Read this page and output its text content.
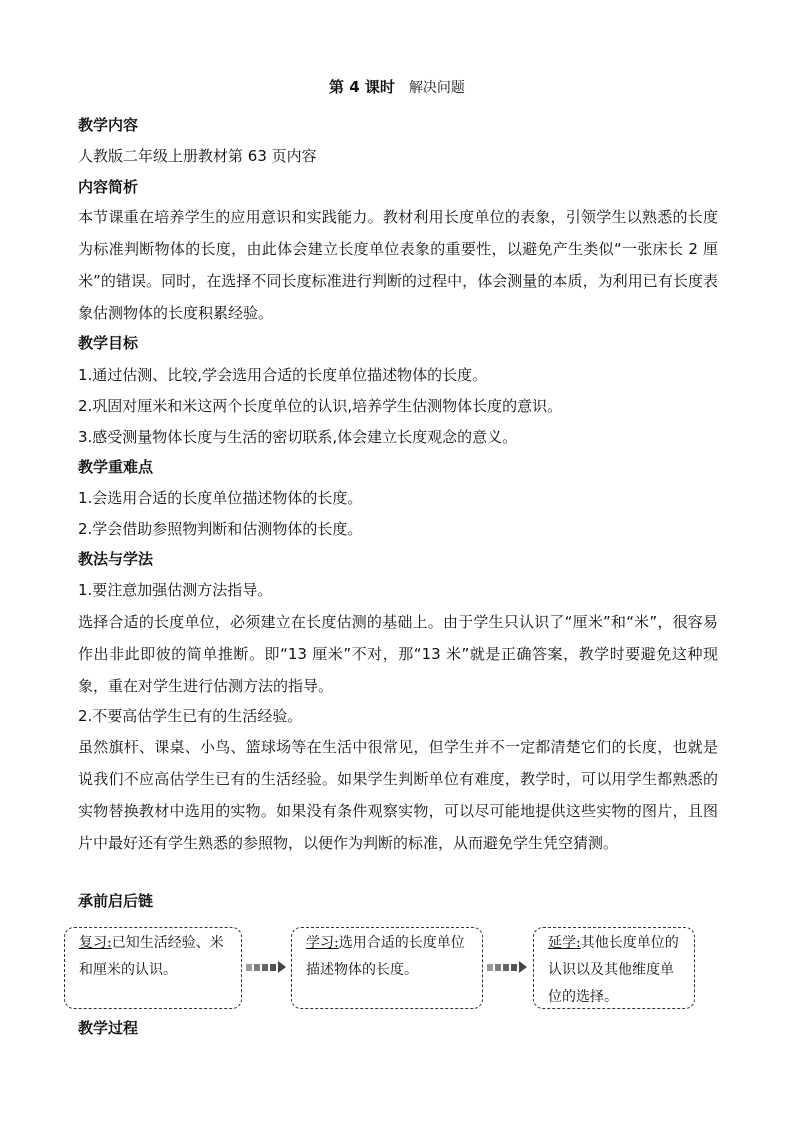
第 4 课时 解决问题
教学内容
人教版二年级上册教材第 63 页内容
内容简析
本节课重在培养学生的应用意识和实践能力。教材利用长度单位的表象，引领学生以熟悉的长度为标准判断物体的长度，由此体会建立长度单位表象的重要性，以避免产生类似“一张床长 2 厘米”的错误。同时，在选择不同长度标准进行判断的过程中，体会测量的本质，为利用已有长度表象估测物体的长度积累经验。
教学目标
1.通过估测、比较,学会选用合适的长度单位描述物体的长度。
2.巩固对厘米和米这两个长度单位的认识,培养学生估测物体长度的意识。
3.感受测量物体长度与生活的密切联系,体会建立长度观念的意义。
教学重难点
1.会选用合适的长度单位描述物体的长度。
2.学会借助参照物判断和估测物体的长度。
教法与学法
1.要注意加强估测方法指导。
选择合适的长度单位，必须建立在长度估测的基础上。由于学生只认识了“厘米”和“米”，很容易作出非此即彼的简单推断。即“13 厘米”不对，那“13 米”就是正确答案，教学时要避免这种现象，重在对学生进行估测方法的指导。
2.不要高估学生已有的生活经验。
虽然旗杆、课桌、小鸟、篮球场等在生活中很常见，但学生并不一定都清楚它们的长度，也就是说我们不应高估学生已有的生活经验。如果学生判断单位有难度，教学时，可以用学生都熟悉的实物替换教材中选用的实物。如果没有条件观察实物，可以尽可能地提供这些实物的图片，且图片中最好还有学生熟悉的参照物，以便作为判断的标准，从而避免学生凭空猜测。
承前启后链
复习:已知生活经验、米和厘米的认识。
学习:选用合适的长度单位描述物体的长度。
延学:其他长度单位的认识以及其他维度单位的选择。
教学过程
